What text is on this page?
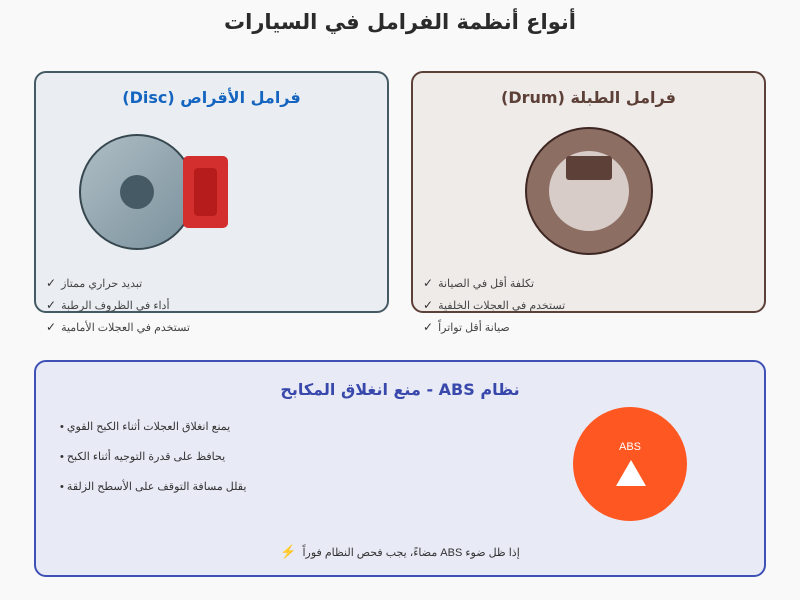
أنواع أنظمة الفرامل في السيارات
فرامل الأقراص (Disc)
✓ تبديد حراري ممتاز
✓ أداء في الظروف الرطبة
✓ تستخدم في العجلات الأمامية
فرامل الطبلة (Drum)
✓ تكلفة أقل في الصيانة
✓ تستخدم في العجلات الخلفية
✓ صيانة أقل تواتراً
نظام ABS - منع انغلاق المكابح
• يمنع انغلاق العجلات أثناء الكبح القوي
• يحافظ على قدرة التوجيه أثناء الكبح
• يقلل مسافة التوقف على الأسطح الزلقة
ABS
⚡ إذا ظل ضوء ABS مضاءً، يجب فحص النظام فوراً
